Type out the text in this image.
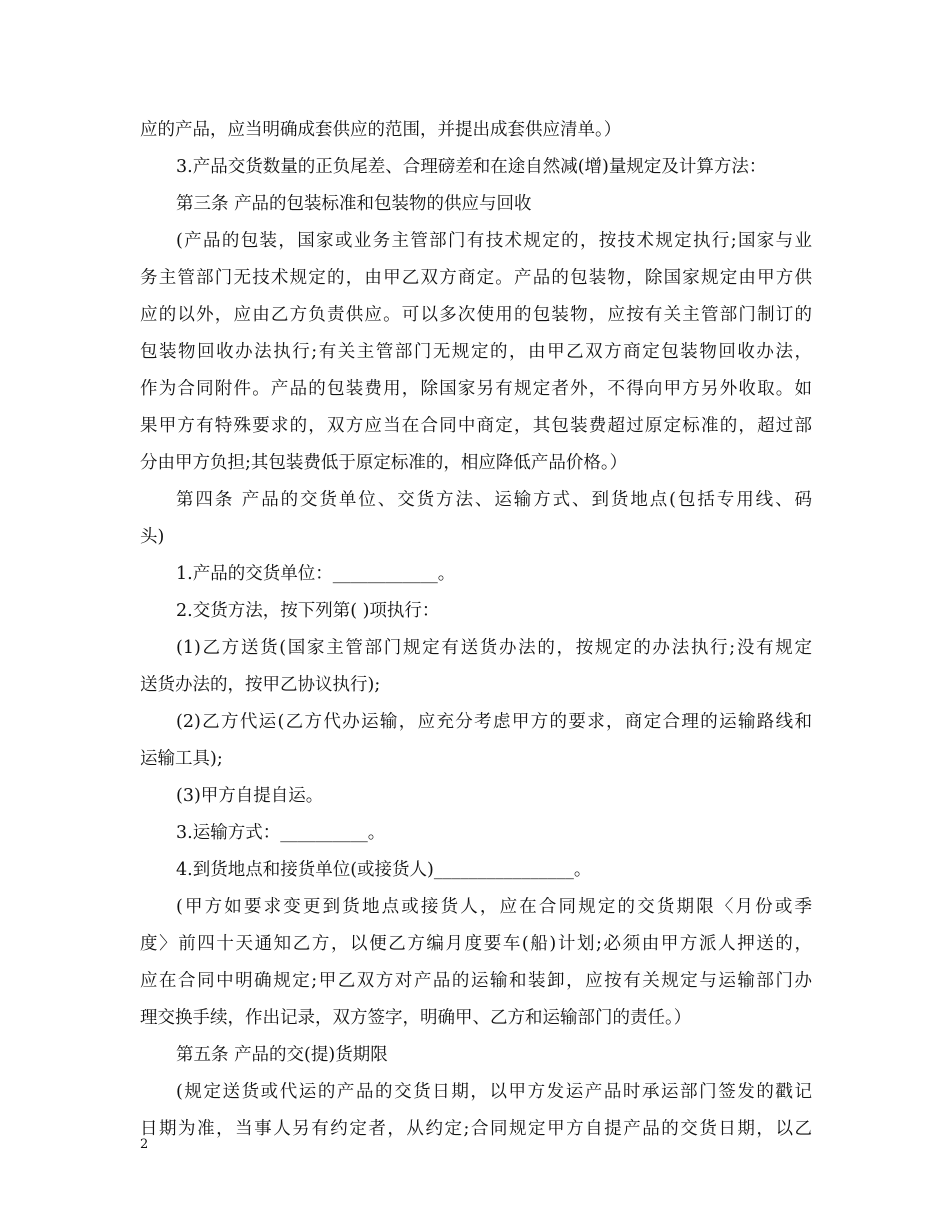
应的产品，应当明确成套供应的范围，并提出成套供应清单。）
3.产品交货数量的正负尾差、合理磅差和在途自然减(增)量规定及计算方法：
第三条 产品的包装标准和包装物的供应与回收
(产品的包装，国家或业务主管部门有技术规定的，按技术规定执行;国家与业
务主管部门无技术规定的，由甲乙双方商定。产品的包装物，除国家规定由甲方供
应的以外，应由乙方负责供应。可以多次使用的包装物，应按有关主管部门制订的
包装物回收办法执行;有关主管部门无规定的，由甲乙双方商定包装物回收办法，
作为合同附件。产品的包装费用，除国家另有规定者外，不得向甲方另外收取。如
果甲方有特殊要求的，双方应当在合同中商定，其包装费超过原定标准的，超过部
分由甲方负担;其包装费低于原定标准的，相应降低产品价格。）
第四条 产品的交货单位、交货方法、运输方式、到货地点(包括专用线、码
头)
1.产品的交货单位：____________。
2.交货方法，按下列第( )项执行：
(1)乙方送货(国家主管部门规定有送货办法的，按规定的办法执行;没有规定
送货办法的，按甲乙协议执行);
(2)乙方代运(乙方代办运输，应充分考虑甲方的要求，商定合理的运输路线和
运输工具);
(3)甲方自提自运。
3.运输方式：__________。
4.到货地点和接货单位(或接货人)________________。
(甲方如要求变更到货地点或接货人，应在合同规定的交货期限〈月份或季
度〉前四十天通知乙方，以便乙方编月度要车(船)计划;必须由甲方派人押送的，
应在合同中明确规定;甲乙双方对产品的运输和装卸，应按有关规定与运输部门办
理交换手续，作出记录，双方签字，明确甲、乙方和运输部门的责任。）
第五条 产品的交(提)货期限
(规定送货或代运的产品的交货日期，以甲方发运产品时承运部门签发的戳记
日期为准，当事人另有约定者，从约定;合同规定甲方自提产品的交货日期，以乙
2
